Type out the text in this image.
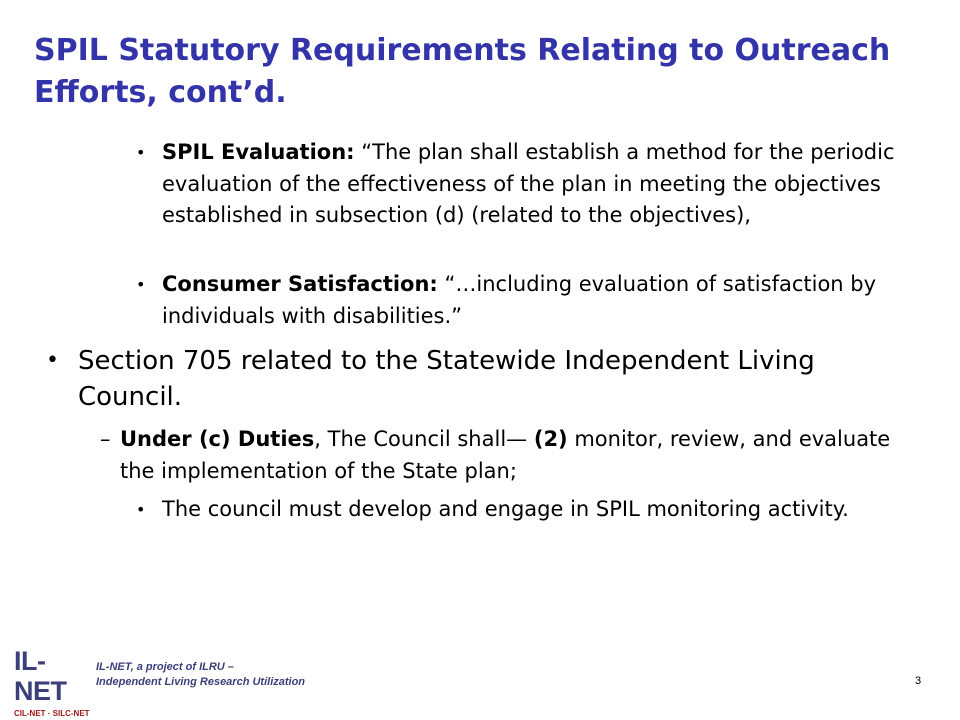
SPIL Statutory Requirements Relating to Outreach Efforts, cont’d.
• SPIL Evaluation: “The plan shall establish a method for the periodic evaluation of the effectiveness of the plan in meeting the objectives established in subsection (d) (related to the objectives),
• Consumer Satisfaction: “…including evaluation of satisfaction by individuals with disabilities.”
• Section 705 related to the Statewide Independent Living Council.
– Under (c) Duties, The Council shall— (2) monitor, review, and evaluate the implementation of the State plan;
• The council must develop and engage in SPIL monitoring activity.
IL-NET
CIL-NET · SILC-NET
IL-NET, a project of ILRU –
Independent Living Research Utilization	3
